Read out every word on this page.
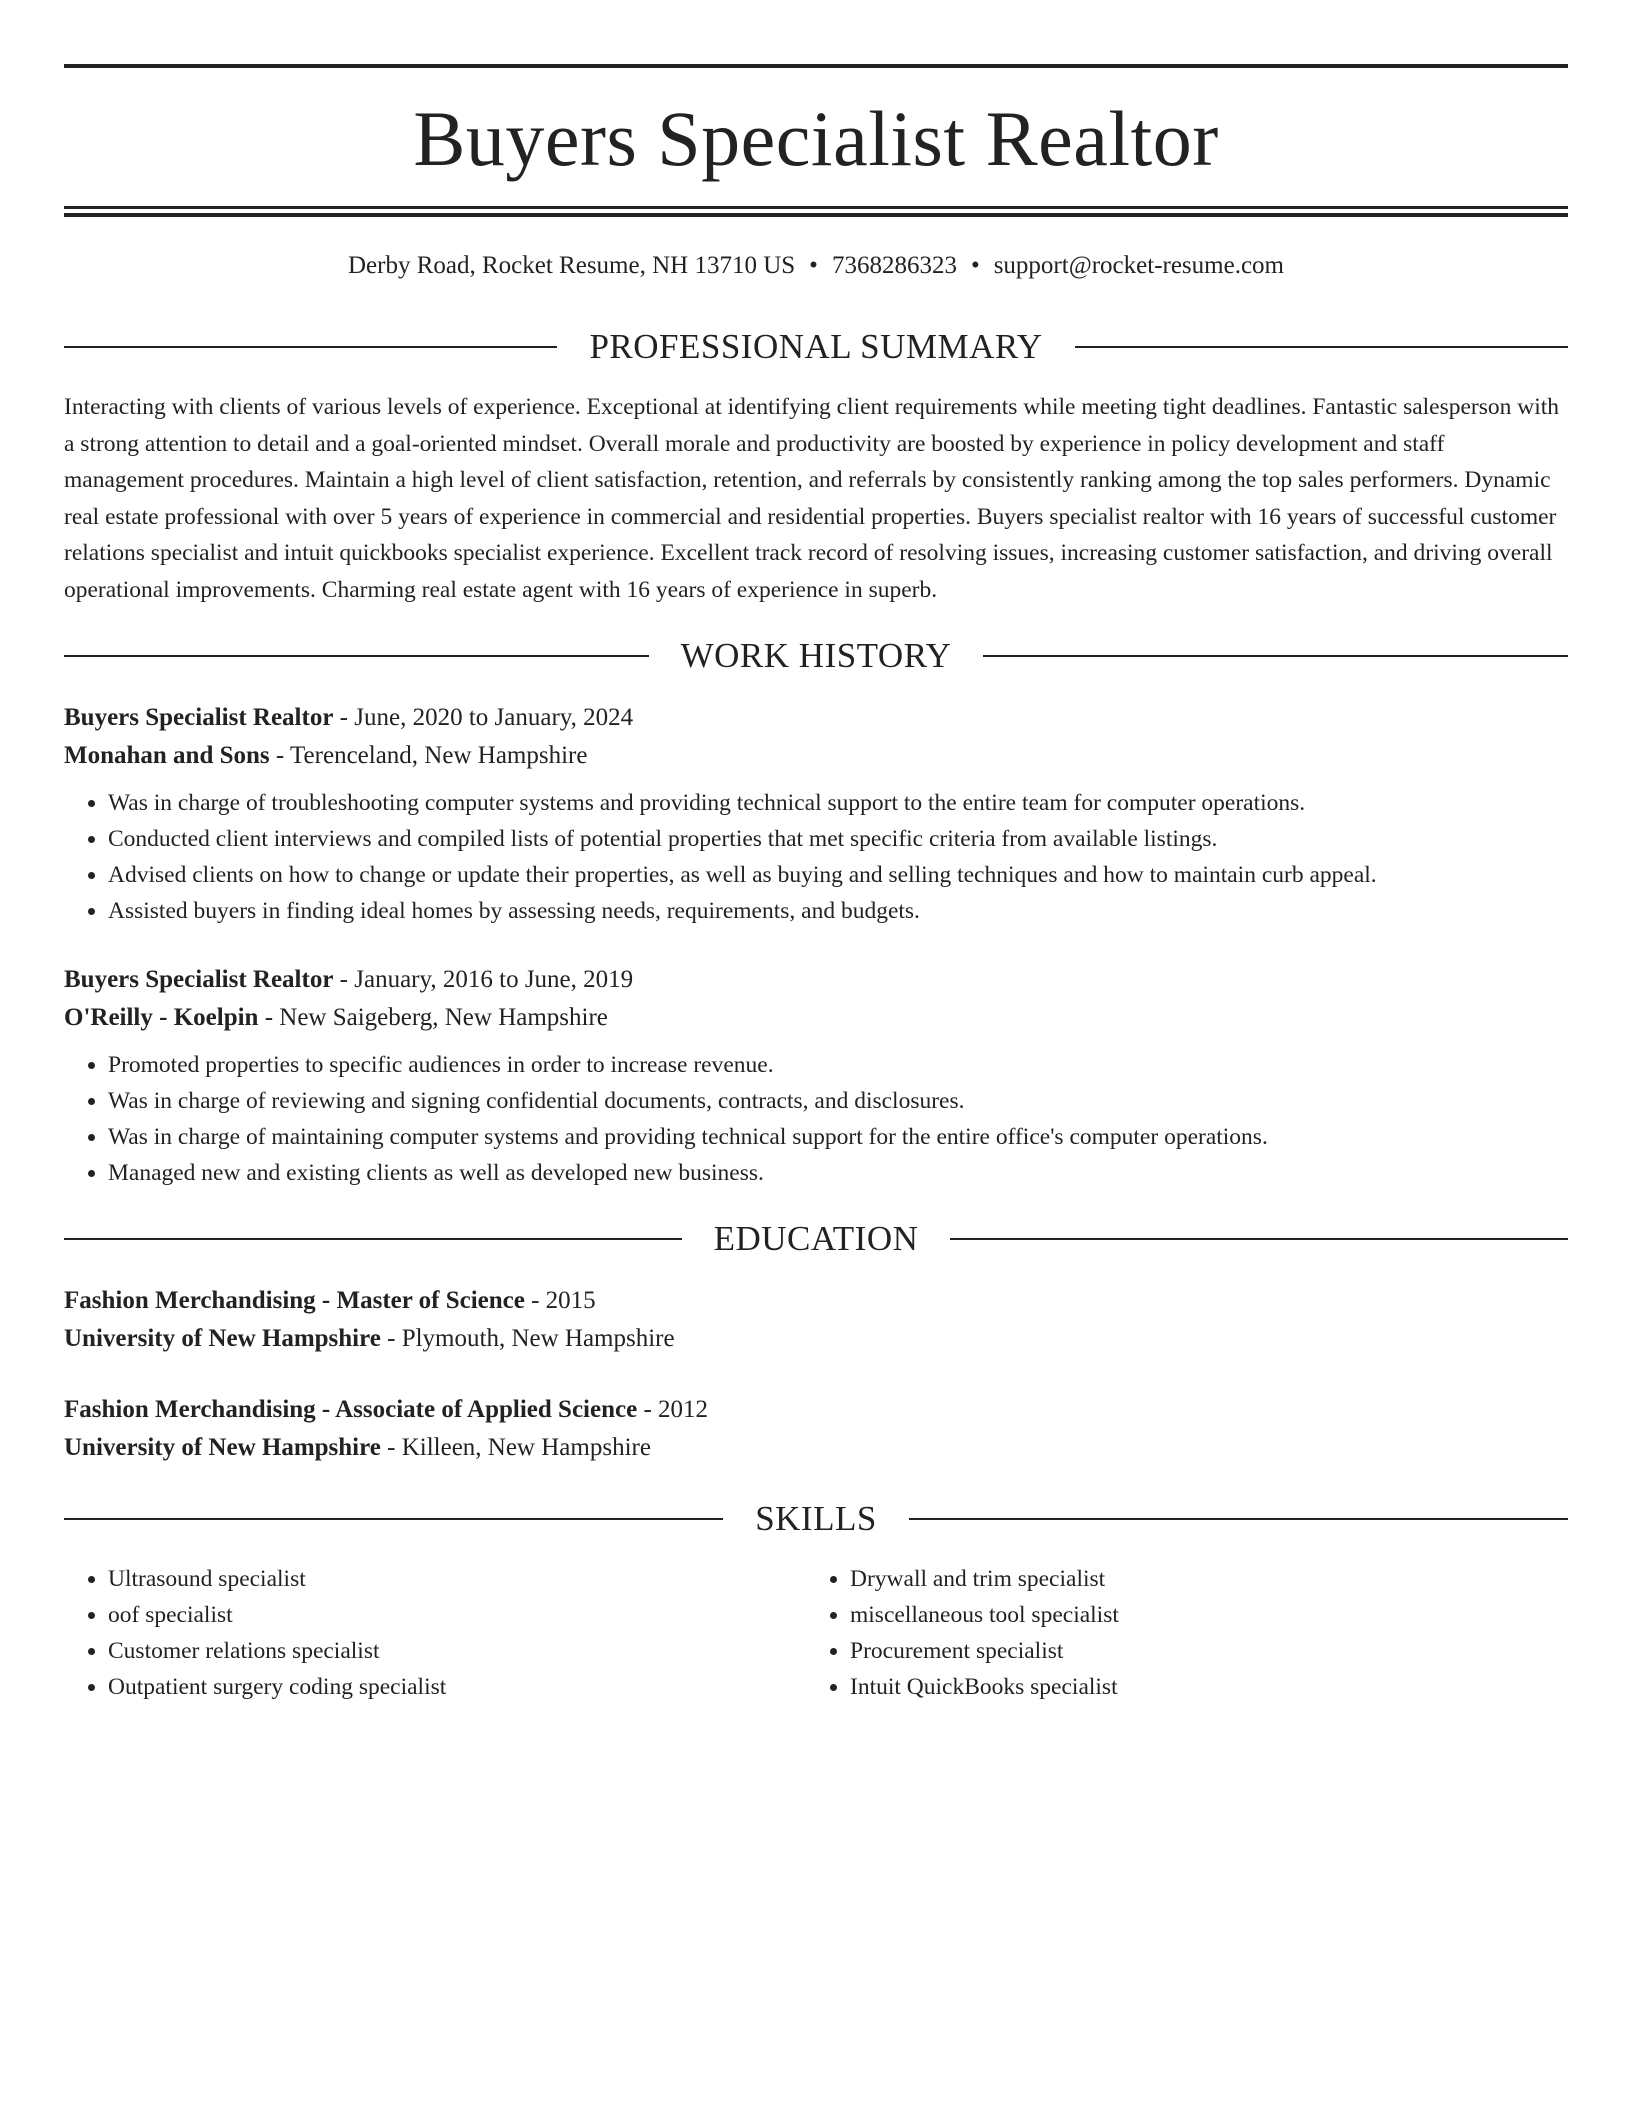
Buyers Specialist Realtor
Derby Road, Rocket Resume, NH 13710 US • 7368286323 • support@rocket-resume.com
PROFESSIONAL SUMMARY

Interacting with clients of various levels of experience. Exceptional at identifying client requirements while meeting tight deadlines. Fantastic salesperson with a strong attention to detail and a goal-oriented mindset. Overall morale and productivity are boosted by experience in policy development and staff management procedures. Maintain a high level of client satisfaction, retention, and referrals by consistently ranking among the top sales performers. Dynamic real estate professional with over 5 years of experience in commercial and residential properties. Buyers specialist realtor with 16 years of successful customer relations specialist and intuit quickbooks specialist experience. Excellent track record of resolving issues, increasing customer satisfaction, and driving overall operational improvements. Charming real estate agent with 16 years of experience in superb.

WORK HISTORY
Buyers Specialist Realtor - June, 2020 to January, 2024
Monahan and Sons - Terenceland, New Hampshire
• Was in charge of troubleshooting computer systems and providing technical support to the entire team for computer operations.
• Conducted client interviews and compiled lists of potential properties that met specific criteria from available listings.
• Advised clients on how to change or update their properties, as well as buying and selling techniques and how to maintain curb appeal.
• Assisted buyers in finding ideal homes by assessing needs, requirements, and budgets.
Buyers Specialist Realtor - January, 2016 to June, 2019
O'Reilly - Koelpin - New Saigeberg, New Hampshire
• Promoted properties to specific audiences in order to increase revenue.
• Was in charge of reviewing and signing confidential documents, contracts, and disclosures.
• Was in charge of maintaining computer systems and providing technical support for the entire office's computer operations.
• Managed new and existing clients as well as developed new business.
EDUCATION
Fashion Merchandising - Master of Science - 2015
University of New Hampshire - Plymouth, New Hampshire
Fashion Merchandising - Associate of Applied Science - 2012
University of New Hampshire - Killeen, New Hampshire
SKILLS
• Ultrasound specialist
• oof specialist
• Customer relations specialist
• Outpatient surgery coding specialist
• Drywall and trim specialist
• miscellaneous tool specialist
• Procurement specialist
• Intuit QuickBooks specialist
